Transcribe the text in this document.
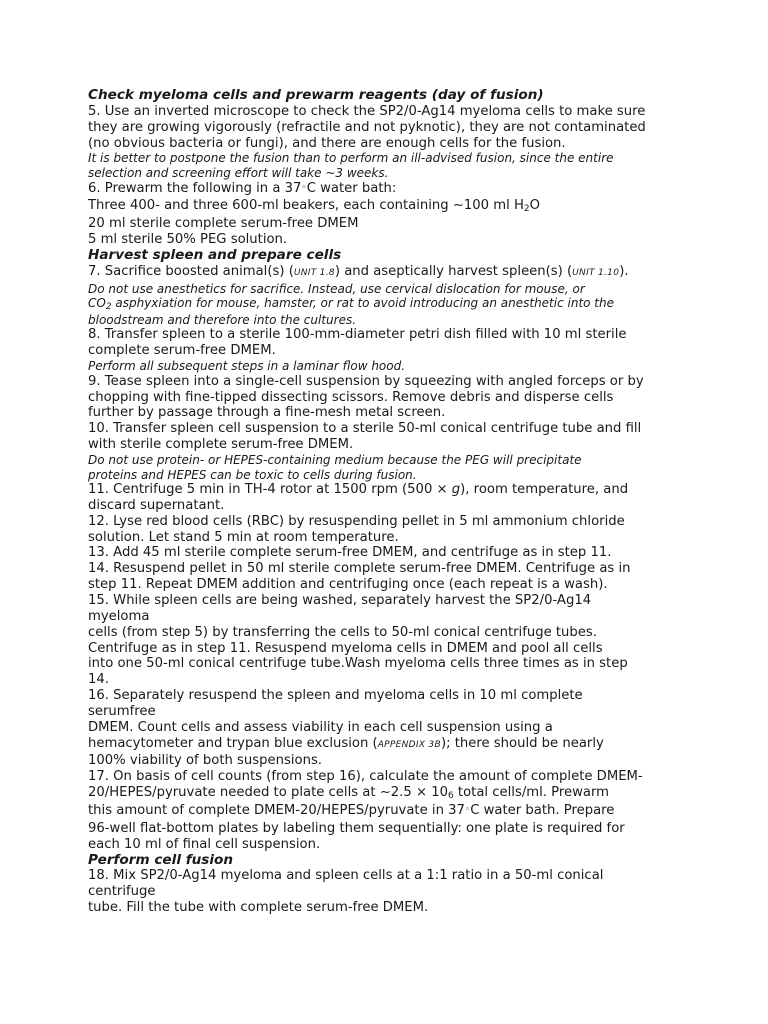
Check myeloma cells and prewarm reagents (day of fusion)

5. Use an inverted microscope to check the SP2/0-Ag14 myeloma cells to make sure

they are growing vigorously (refractile and not pyknotic), they are not contaminated

(no obvious bacteria or fungi), and there are enough cells for the fusion.

It is better to postpone the fusion than to perform an ill-advised fusion, since the entire

selection and screening effort will take ~3 weeks.

6. Prewarm the following in a 37◦C water bath:

Three 400- and three 600-ml beakers, each containing ~100 ml H2O

20 ml sterile complete serum-free DMEM

5 ml sterile 50% PEG solution.

Harvest spleen and prepare cells

7. Sacrifice boosted animal(s) (UNIT 1.8) and aseptically harvest spleen(s) (UNIT 1.10).

Do not use anesthetics for sacrifice. Instead, use cervical dislocation for mouse, or

CO2 asphyxiation for mouse, hamster, or rat to avoid introducing an anesthetic into the

bloodstream and therefore into the cultures.

8. Transfer spleen to a sterile 100-mm-diameter petri dish filled with 10 ml sterile

complete serum-free DMEM.

Perform all subsequent steps in a laminar flow hood.

9. Tease spleen into a single-cell suspension by squeezing with angled forceps or by

chopping with fine-tipped dissecting scissors. Remove debris and disperse cells

further by passage through a fine-mesh metal screen.

10. Transfer spleen cell suspension to a sterile 50-ml conical centrifuge tube and fill

with sterile complete serum-free DMEM.

Do not use protein- or HEPES-containing medium because the PEG will precipitate

proteins and HEPES can be toxic to cells during fusion.

11. Centrifuge 5 min in TH-4 rotor at 1500 rpm (500 × g), room temperature, and

discard supernatant.

12. Lyse red blood cells (RBC) by resuspending pellet in 5 ml ammonium chloride

solution. Let stand 5 min at room temperature.

13. Add 45 ml sterile complete serum-free DMEM, and centrifuge as in step 11.

14. Resuspend pellet in 50 ml sterile complete serum-free DMEM. Centrifuge as in

step 11. Repeat DMEM addition and centrifuging once (each repeat is a wash).

15. While spleen cells are being washed, separately harvest the SP2/0-Ag14

myeloma

cells (from step 5) by transferring the cells to 50-ml conical centrifuge tubes.

Centrifuge as in step 11. Resuspend myeloma cells in DMEM and pool all cells

into one 50-ml conical centrifuge tube.Wash myeloma cells three times as in step

14.

16. Separately resuspend the spleen and myeloma cells in 10 ml complete

serumfree

DMEM. Count cells and assess viability in each cell suspension using a

hemacytometer and trypan blue exclusion (APPENDIX 3B); there should be nearly

100% viability of both suspensions.

17. On basis of cell counts (from step 16), calculate the amount of complete DMEM-

20/HEPES/pyruvate needed to plate cells at ~2.5 × 106 total cells/ml. Prewarm

this amount of complete DMEM-20/HEPES/pyruvate in 37◦C water bath. Prepare

96-well flat-bottom plates by labeling them sequentially: one plate is required for

each 10 ml of final cell suspension.

Perform cell fusion

18. Mix SP2/0-Ag14 myeloma and spleen cells at a 1:1 ratio in a 50-ml conical

centrifuge

tube. Fill the tube with complete serum-free DMEM.
